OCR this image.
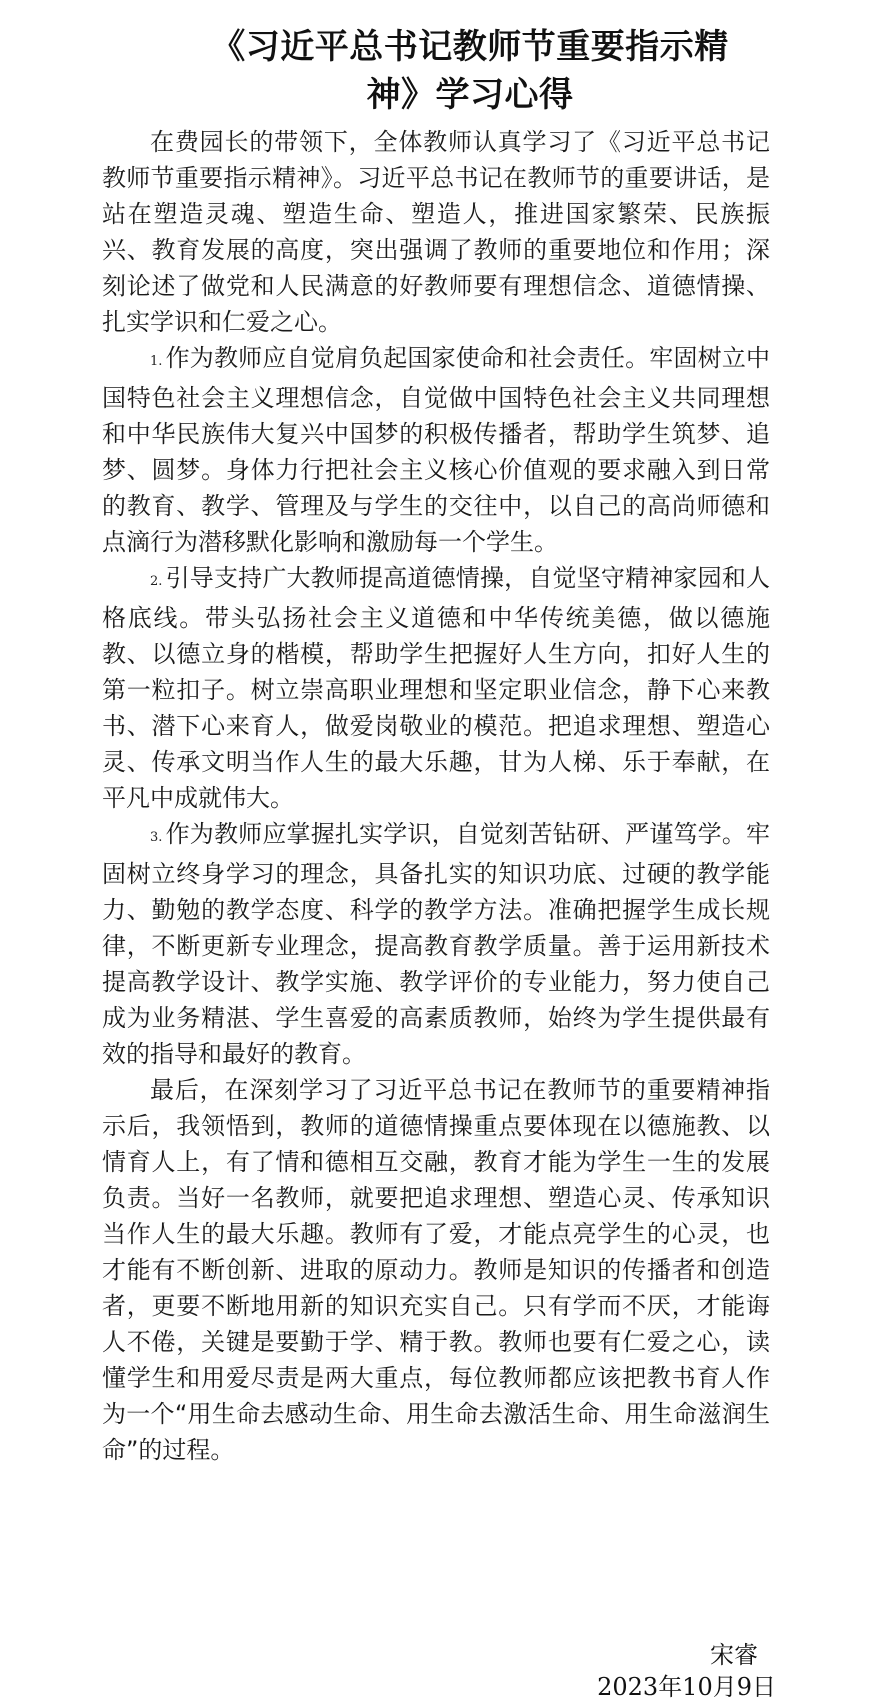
《习近平总书记教师节重要指示精
神》学习心得

在费园长的带领下，全体教师认真学习了《习近平总书记教师节重要指示精神》。习近平总书记在教师节的重要讲话，是站在塑造灵魂、塑造生命、塑造人，推进国家繁荣、民族振兴、教育发展的高度，突出强调了教师的重要地位和作用；深刻论述了做党和人民满意的好教师要有理想信念、道德情操、扎实学识和仁爱之心。

1. 作为教师应自觉肩负起国家使命和社会责任。牢固树立中国特色社会主义理想信念，自觉做中国特色社会主义共同理想和中华民族伟大复兴中国梦的积极传播者，帮助学生筑梦、追梦、圆梦。身体力行把社会主义核心价值观的要求融入到日常的教育、教学、管理及与学生的交往中，以自己的高尚师德和点滴行为潜移默化影响和激励每一个学生。

2. 引导支持广大教师提高道德情操，自觉坚守精神家园和人格底线。带头弘扬社会主义道德和中华传统美德，做以德施教、以德立身的楷模，帮助学生把握好人生方向，扣好人生的第一粒扣子。树立崇高职业理想和坚定职业信念，静下心来教书、潜下心来育人，做爱岗敬业的模范。把追求理想、塑造心灵、传承文明当作人生的最大乐趣，甘为人梯、乐于奉献，在平凡中成就伟大。

3. 作为教师应掌握扎实学识，自觉刻苦钻研、严谨笃学。牢固树立终身学习的理念，具备扎实的知识功底、过硬的教学能力、勤勉的教学态度、科学的教学方法。准确把握学生成长规律，不断更新专业理念，提高教育教学质量。善于运用新技术提高教学设计、教学实施、教学评价的专业能力，努力使自己成为业务精湛、学生喜爱的高素质教师，始终为学生提供最有效的指导和最好的教育。

最后，在深刻学习了习近平总书记在教师节的重要精神指示后，我领悟到，教师的道德情操重点要体现在以德施教、以情育人上，有了情和德相互交融，教育才能为学生一生的发展负责。当好一名教师，就要把追求理想、塑造心灵、传承知识当作人生的最大乐趣。教师有了爱，才能点亮学生的心灵，也才能有不断创新、进取的原动力。教师是知识的传播者和创造者，更要不断地用新的知识充实自己。只有学而不厌，才能诲人不倦，关键是要勤于学、精于教。教师也要有仁爱之心，读懂学生和用爱尽责是两大重点，每位教师都应该把教书育人作为一个“用生命去感动生命、用生命去激活生命、用生命滋润生命”的过程。

宋睿
2023年10月9日
